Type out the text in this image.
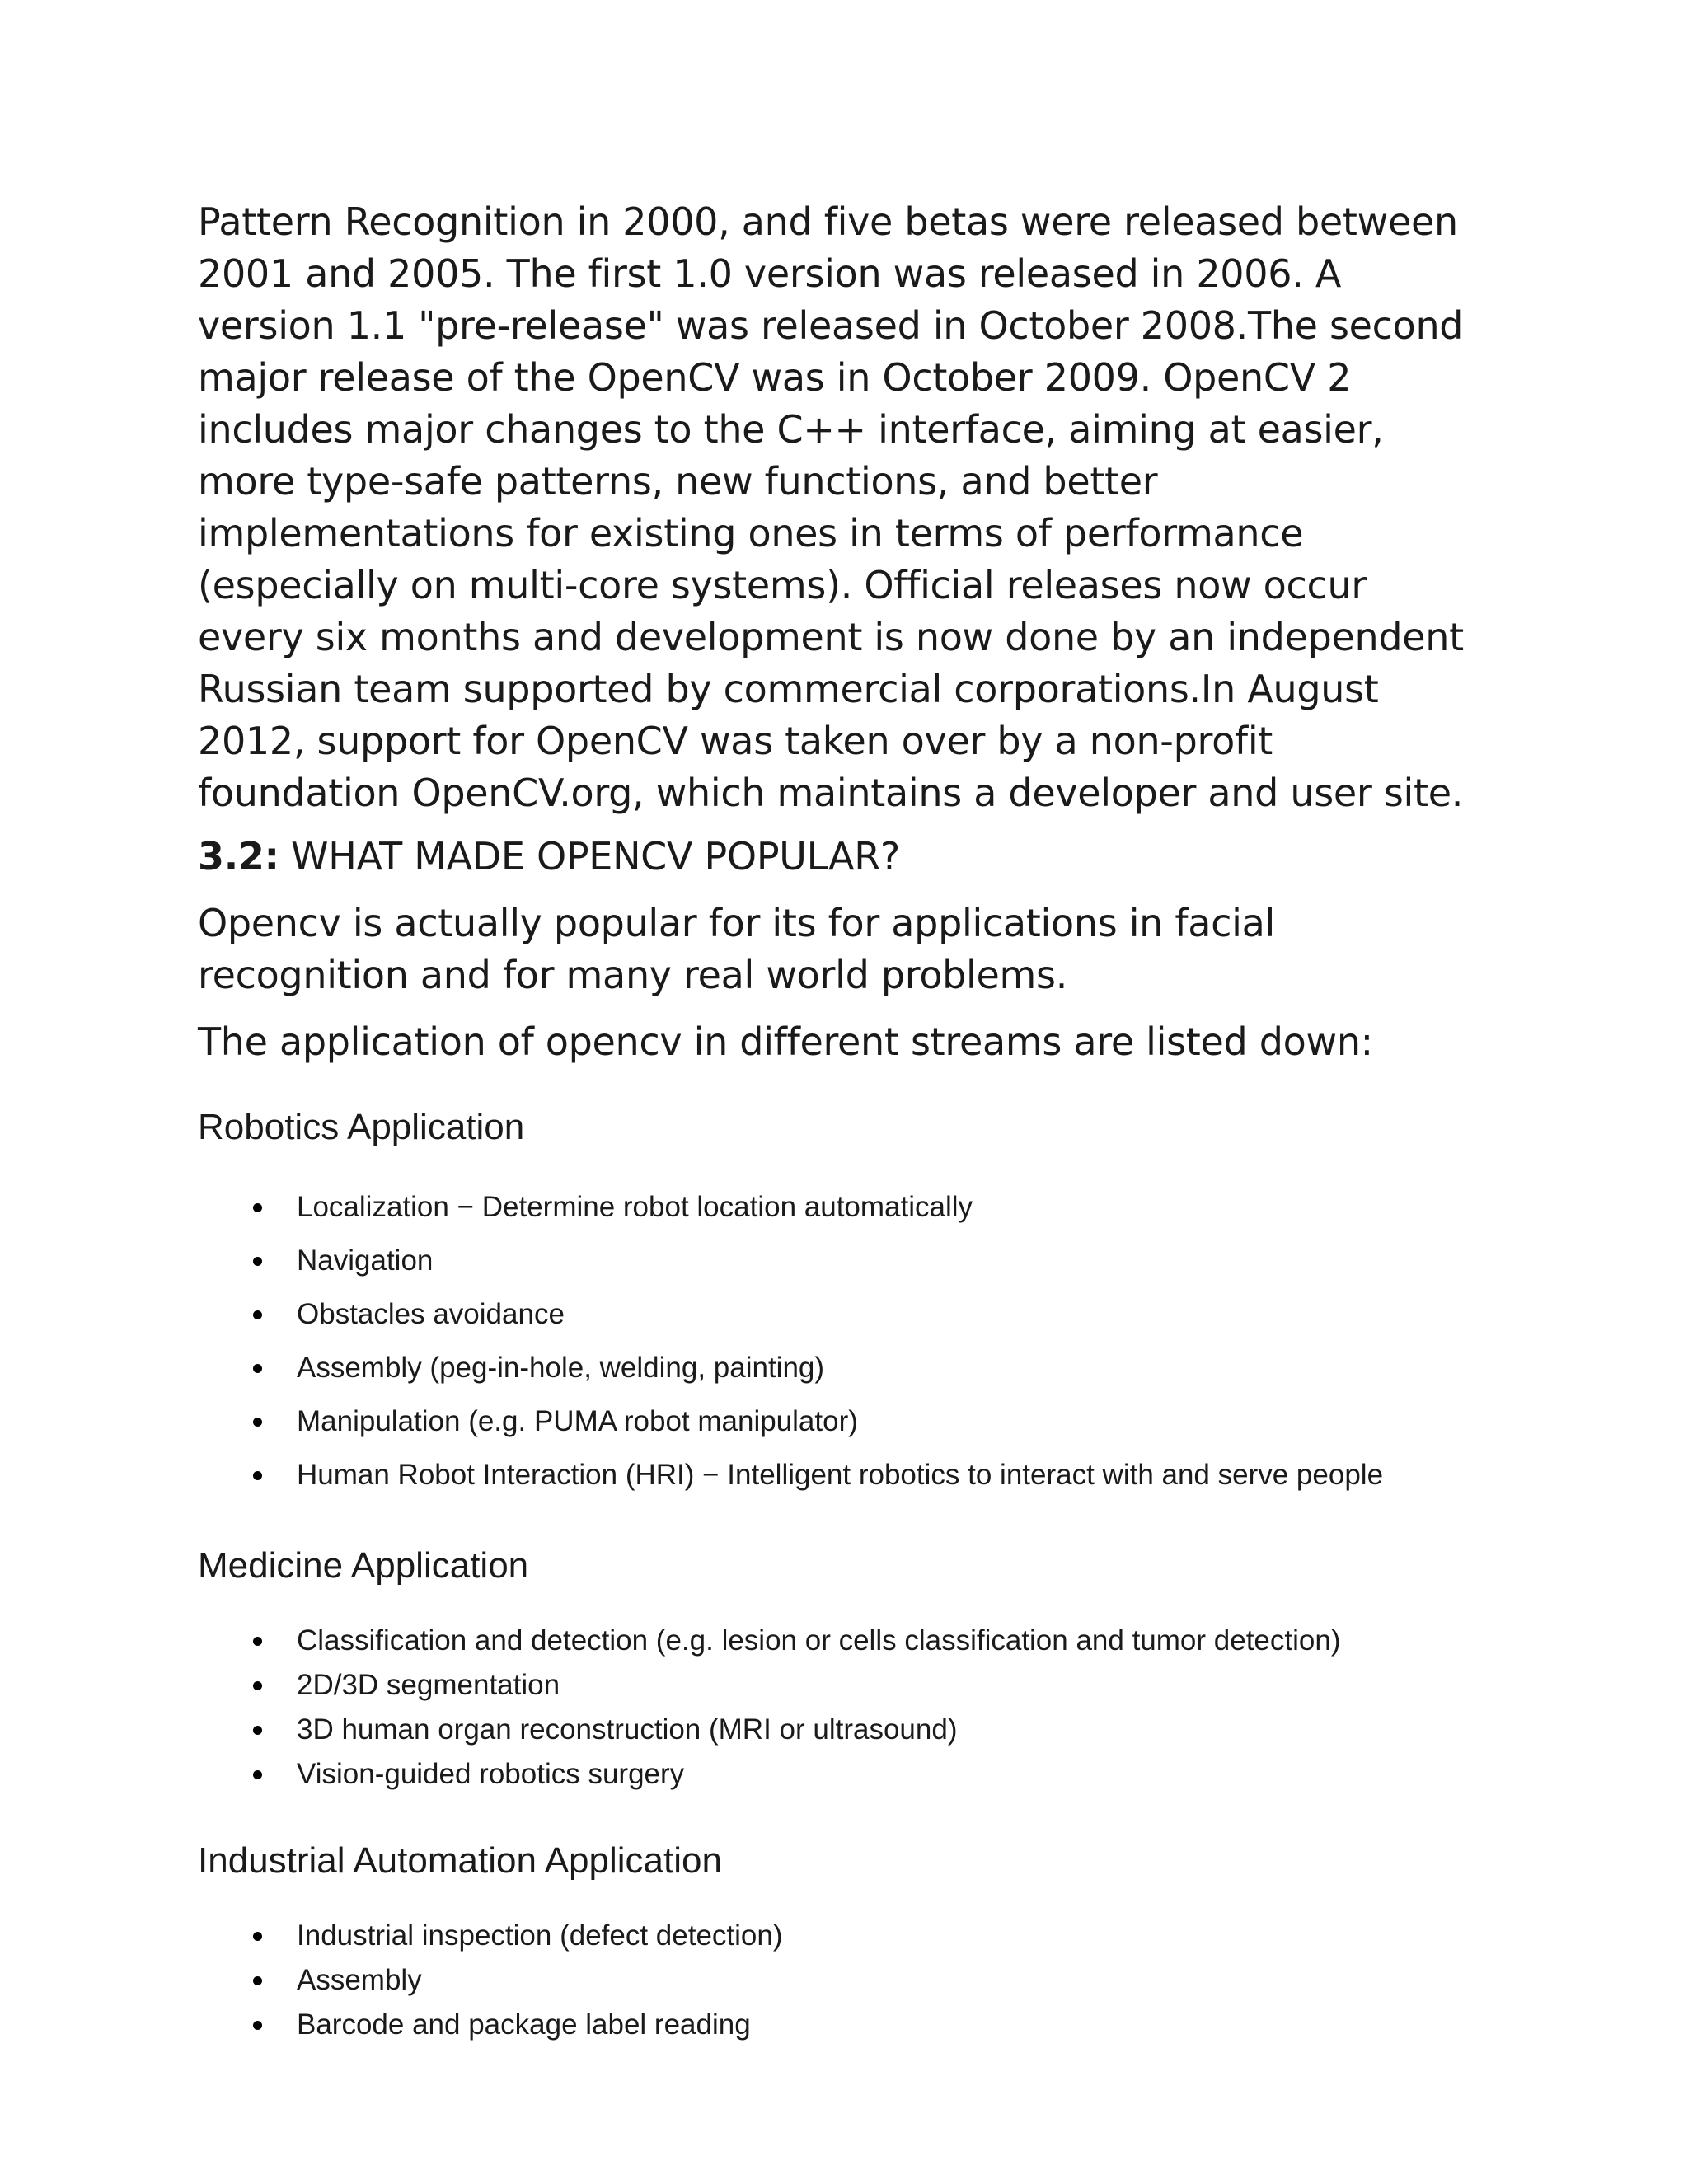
Pattern Recognition in 2000, and five betas were released between 2001 and 2005. The first 1.0 version was released in 2006. A version 1.1 "pre-release" was released in October 2008.The second major release of the OpenCV was in October 2009. OpenCV 2 includes major changes to the C++ interface, aiming at easier, more type-safe patterns, new functions, and better implementations for existing ones in terms of performance (especially on multi-core systems). Official releases now occur every six months and development is now done by an independent Russian team supported by commercial corporations.In August 2012, support for OpenCV was taken over by a non-profit foundation OpenCV.org, which maintains a developer and user site.

3.2: WHAT MADE OPENCV POPULAR?

Opencv is actually popular for its for applications in facial recognition and for many real world problems.

The application of opencv in different streams are listed down:

Robotics Application
Localization − Determine robot location automatically
Navigation
Obstacles avoidance
Assembly (peg-in-hole, welding, painting)
Manipulation (e.g. PUMA robot manipulator)
Human Robot Interaction (HRI) − Intelligent robotics to interact with and serve people
Medicine Application
Classification and detection (e.g. lesion or cells classification and tumor detection)
2D/3D segmentation
3D human organ reconstruction (MRI or ultrasound)
Vision-guided robotics surgery
Industrial Automation Application
Industrial inspection (defect detection)
Assembly
Barcode and package label reading
